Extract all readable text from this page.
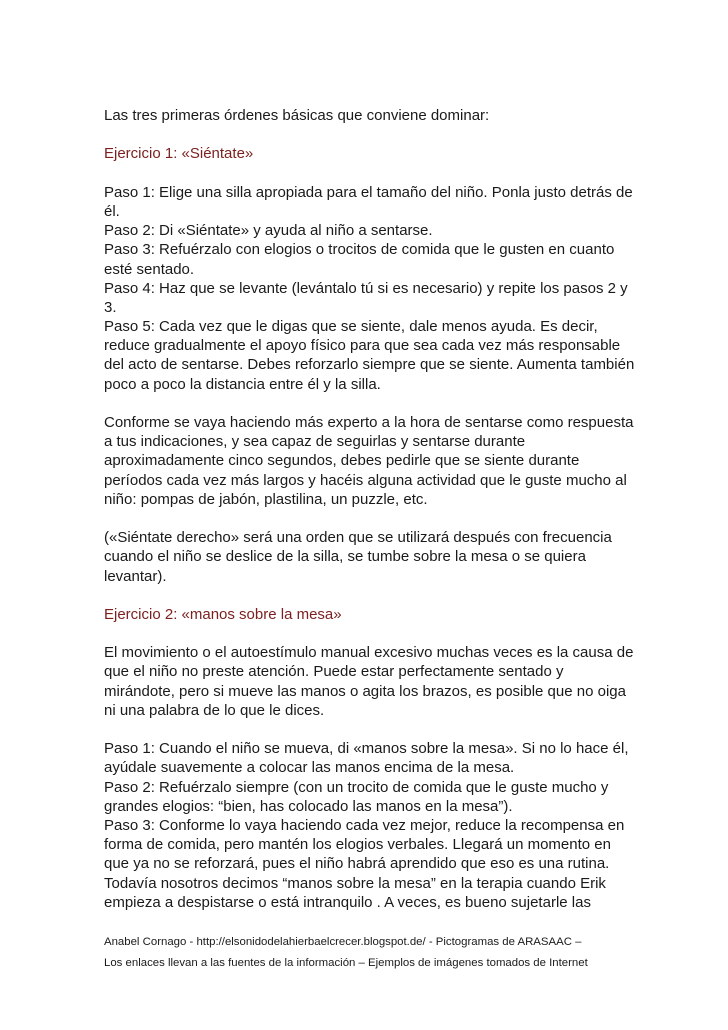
Las tres primeras órdenes básicas que conviene dominar:

Ejercicio 1: «Siéntate»

Paso 1: Elige una silla apropiada para el tamaño del niño. Ponla justo detrás de

él.

Paso 2: Di «Siéntate» y ayuda al niño a sentarse.

Paso 3: Refuérzalo con elogios o trocitos de comida que le gusten en cuanto

esté sentado.

Paso 4: Haz que se levante (levántalo tú si es necesario) y repite los pasos 2 y

3.

Paso 5: Cada vez que le digas que se siente, dale menos ayuda. Es decir,

reduce gradualmente el apoyo físico para que sea cada vez más responsable

del acto de sentarse. Debes reforzarlo siempre que se siente. Aumenta también

poco a poco la distancia entre él y la silla.

Conforme se vaya haciendo más experto a la hora de sentarse como respuesta

a tus indicaciones, y sea capaz de seguirlas y sentarse durante

aproximadamente cinco segundos, debes pedirle que se siente durante

períodos cada vez más largos y hacéis alguna actividad que le guste mucho al

niño: pompas de jabón, plastilina, un puzzle, etc.

(«Siéntate derecho» será una orden que se utilizará después con frecuencia

cuando el niño se deslice de la silla, se tumbe sobre la mesa o se quiera

levantar).

Ejercicio 2: «manos sobre la mesa»

El movimiento o el autoestímulo manual excesivo muchas veces es la causa de

que el niño no preste atención. Puede estar perfectamente sentado y

mirándote, pero si mueve las manos o agita los brazos, es posible que no oiga

ni una palabra de lo que le dices.

Paso 1: Cuando el niño se mueva, di «manos sobre la mesa». Si no lo hace él,

ayúdale suavemente a colocar las manos encima de la mesa.

Paso 2: Refuérzalo siempre (con un trocito de comida que le guste mucho y

grandes elogios: “bien, has colocado las manos en la mesa”).

Paso 3: Conforme lo vaya haciendo cada vez mejor, reduce la recompensa en

forma de comida, pero mantén los elogios verbales. Llegará un momento en

que ya no se reforzará, pues el niño habrá aprendido que eso es una rutina.

Todavía nosotros decimos “manos sobre la mesa” en la terapia cuando Erik

empieza a despistarse o está intranquilo . A veces, es bueno sujetarle las

Anabel Cornago - http://elsonidodelahierbaelcrecer.blogspot.de/ - Pictogramas de ARASAAC –
Los enlaces llevan a las fuentes de la información – Ejemplos de imágenes tomados de Internet
